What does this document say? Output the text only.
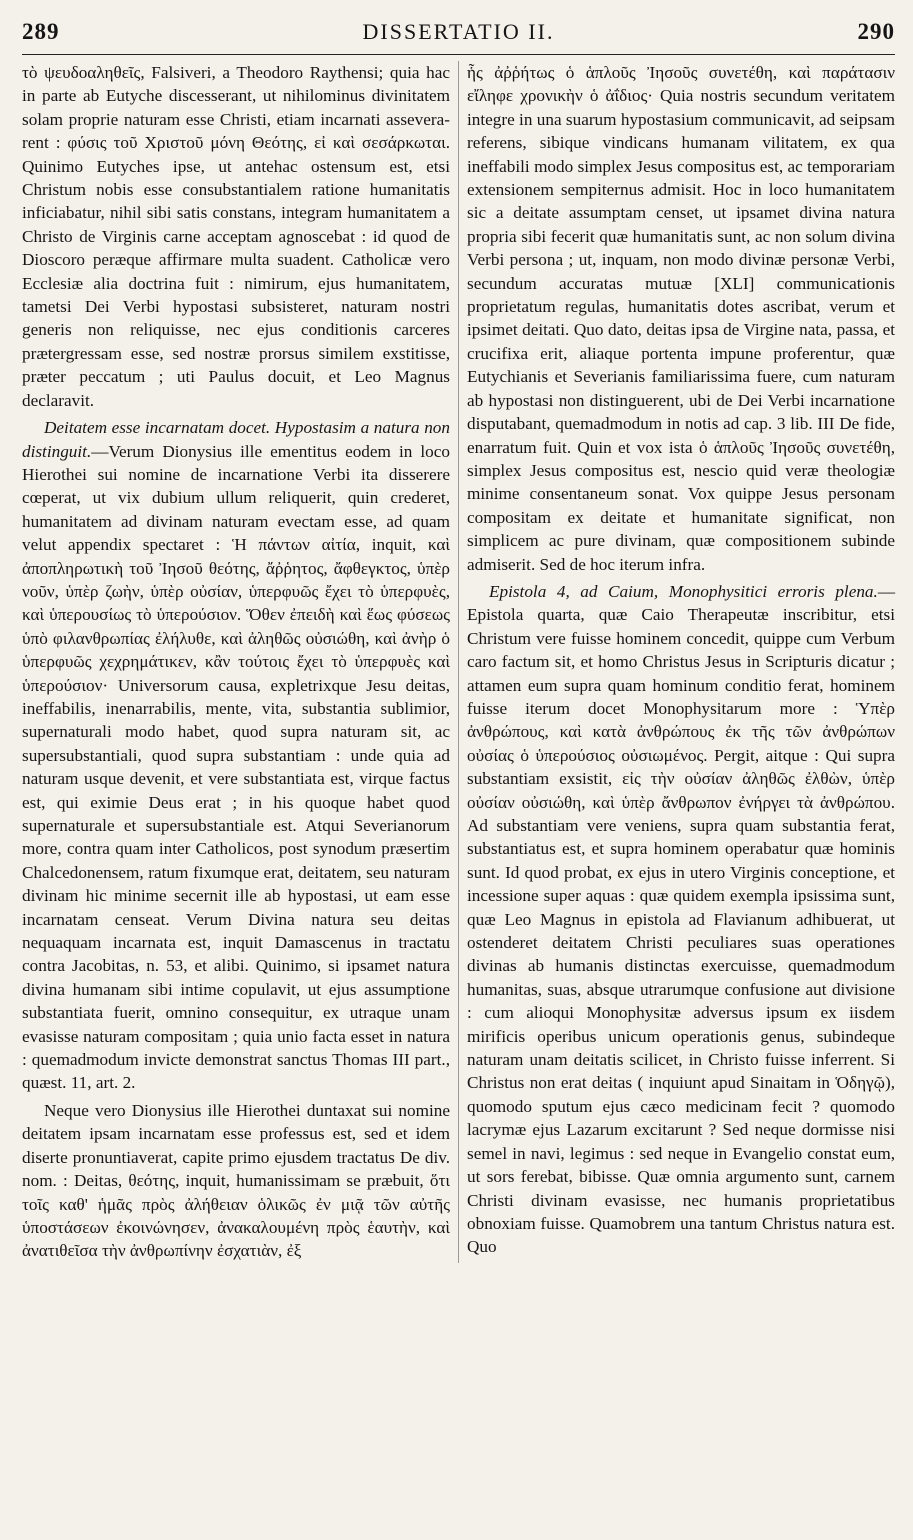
289	DISSERTATIO II.	290

τὸ ψευδοαληθεῖς, Falsiveri, a Theodoro Raythensi; quia hac in parte ab Eutyche discesserant, ut nihilominus divinitatem solam proprie naturam esse Christi, etiam incarnati asseverarent : φύσις τοῦ Χριστοῦ μόνη Θεότης, εἰ καὶ σεσάρκωται. Quinimo Eutyches ipse, ut antehac ostensum est, etsi Christum nobis esse consubstantialem ratione humanitatis inficiabatur, nihil sibi satis constans, integram humanitatem a Christo de Virginis carne acceptam agnoscebat : id quod de Dioscoro peræque affirmare multa suadent. Catholicæ vero Ecclesiæ alia doctrina fuit : nimirum, ejus humanitatem, tametsi Dei Verbi hypostasi subsisteret, naturam nostri generis non reliquisse, nec ejus conditionis carceres prætergressam esse, sed nostræ prorsus similem exstitisse, præter peccatum ; uti Paulus docuit, et Leo Magnus declaravit.

Deitatem esse incarnatam docet. Hypostasim a natura non distinguit.—Verum Dionysius ille ementitus eodem in loco Hierothei sui nomine de incarnatione Verbi ita disserere cœperat, ut vix dubium ullum reliquerit, quin crederet, humanitatem ad divinam naturam evectam esse, ad quam velut appendix spectaret : Ἡ πάντων αἰτία, inquit, καὶ ἀποπληρωτικὴ τοῦ Ἰησοῦ θεότης, ἄῤῥητος, ἄφθεγκτος, ὑπὲρ νοῦν, ὑπὲρ ζωὴν, ὑπὲρ οὐσίαν, ὑπερφυῶς ἔχει τὸ ὑπερφυὲς, καὶ ὑπερουσίως τὸ ὑπερούσιον. Ὅθεν ἐπειδὴ καὶ ἕως φύσεως ὑπὸ φιλανθρωπίας ἐλήλυθε, καὶ ἀληθῶς οὐσιώθη, καὶ ἀνὴρ ὁ ὑπερφυῶς χεχρημάτικεν, κἂν τούτοις ἔχει τὸ ὑπερφυὲς καὶ ὑπερούσιον· Universorum causa, expletrixque Jesu deitas, ineffabilis, inenarrabilis, mente, vita, substantia sublimior, supernaturali modo habet, quod supra naturam sit, ac supersubstantiali, quod supra substantiam : unde quia ad naturam usque devenit, et vere substantiata est, virque factus est, qui eximie Deus erat ; in his quoque habet quod supernaturale et supersubstantiale est. Atqui Severianorum more, contra quam inter Catholicos, post synodum præsertim Chalcedonensem, ratum fixumque erat, deitatem, seu naturam divinam hic minime secernit ille ab hypostasi, ut eam esse incarnatam censeat. Verum Divina natura seu deitas nequaquam incarnata est, inquit Damascenus in tractatu contra Jacobitas, n. 53, et alibi. Quinimo, si ipsamet natura divina humanam sibi intime copulavit, ut ejus assumptione substantiata fuerit, omnino consequitur, ex utraque unam evasisse naturam compositam ; quia unio facta esset in natura : quemadmodum invicte demonstrat sanctus Thomas III part., quæst. 11, art. 2.

Neque vero Dionysius ille Hierothei duntaxat sui nomine deitatem ipsam incarnatam esse professus est, sed et idem diserte pronuntiaverat, capite primo ejusdem tractatus De div. nom. : Deitas, θεότης, inquit, humanissimam se præbuit, ὅτι τοῖς καθ' ἡμᾶς πρὸς ἀλήθειαν ὁλικῶς ἐν μιᾷ τῶν αὐτῆς ὑποστάσεων ἐκοινώνησεν, ἀνακαλουμένη πρὸς ἑαυτὴν, καὶ ἀνατιθεῖσα τὴν ἀνθρωπίνην ἐσχατιὰν, ἐξ

ἧς ἀῤῥήτως ὁ ἁπλοῦς Ἰησοῦς συνετέθη, καὶ παράτασιν εἴληφε χρονικὴν ὁ ἀΐδιος· Quia nostris secundum veritatem integre in una suarum hypostasium communicavit, ad seipsam referens, sibique vindicans humanam vilitatem, ex qua ineffabili modo simplex Jesus compositus est, ac temporariam extensionem sempiternus admisit. Hoc in loco humanitatem sic a deitate assumptam censet, ut ipsamet divina natura propria sibi fecerit quæ humanitatis sunt, ac non solum divina Verbi persona ; ut, inquam, non modo divinæ personæ Verbi, secundum accuratas mutuæ [XLI] communicationis proprietatum regulas, humanitatis dotes ascribat, verum et ipsimet deitati. Quo dato, deitas ipsa de Virgine nata, passa, et crucifixa erit, aliaque portenta impune proferentur, quæ Eutychianis et Severianis familiarissima fuere, cum naturam ab hypostasi non distinguerent, ubi de Dei Verbi incarnatione disputabant, quemadmodum in notis ad cap. 3 lib. III De fide, enarratum fuit. Quin et vox ista ὁ ἁπλοῦς Ἰησοῦς συνετέθη, simplex Jesus compositus est, nescio quid veræ theologiæ minime consentaneum sonat. Vox quippe Jesus personam compositam ex deitate et humanitate significat, non simplicem ac pure divinam, quæ compositionem subinde admiserit. Sed de hoc iterum infra.

Epistola 4, ad Caium, Monophysitici erroris plena.— Epistola quarta, quæ Caio Therapeutæ inscribitur, etsi Christum vere fuisse hominem concedit, quippe cum Verbum caro factum sit, et homo Christus Jesus in Scripturis dicatur ; attamen eum supra quam hominum conditio ferat, hominem fuisse iterum docet Monophysitarum more : Ὑπὲρ ἀνθρώπους, καὶ κατὰ ἀνθρώπους ἐκ τῆς τῶν ἀνθρώπων οὐσίας ὁ ὑπερούσιος οὐσιωμένος. Pergit, aitque : Qui supra substantiam exsistit, εἰς τὴν οὐσίαν ἀληθῶς ἐλθὼν, ὑπὲρ οὐσίαν οὐσιώθη, καὶ ὑπὲρ ἄνθρωπον ἐνήργει τὰ ἀνθρώπου. Ad substantiam vere veniens, supra quam substantia ferat, substantiatus est, et supra hominem operabatur quæ hominis sunt. Id quod probat, ex ejus in utero Virginis conceptione, et incessione super aquas : quæ quidem exempla ipsissima sunt, quæ Leo Magnus in epistola ad Flavianum adhibuerat, ut ostenderet deitatem Christi peculiares suas operationes divinas ab humanis distinctas exercuisse, quemadmodum humanitas, suas, absque utrarumque confusione aut divisione : cum alioqui Monophysitæ adversus ipsum ex iisdem mirificis operibus unicum operationis genus, subindeque naturam unam deitatis scilicet, in Christo fuisse inferrent. Si Christus non erat deitas ( inquiunt apud Sinaitam in Ὁδηγῷ), quomodo sputum ejus cæco medicinam fecit ? quomodo lacrymæ ejus Lazarum excitarunt ? Sed neque dormisse nisi semel in navi, legimus : sed neque in Evangelio constat eum, ut sors ferebat, bibisse. Quæ omnia argumento sunt, carnem Christi divinam evasisse, nec humanis proprietatibus obnoxiam fuisse. Quamobrem una tantum Christus natura est. Quo
